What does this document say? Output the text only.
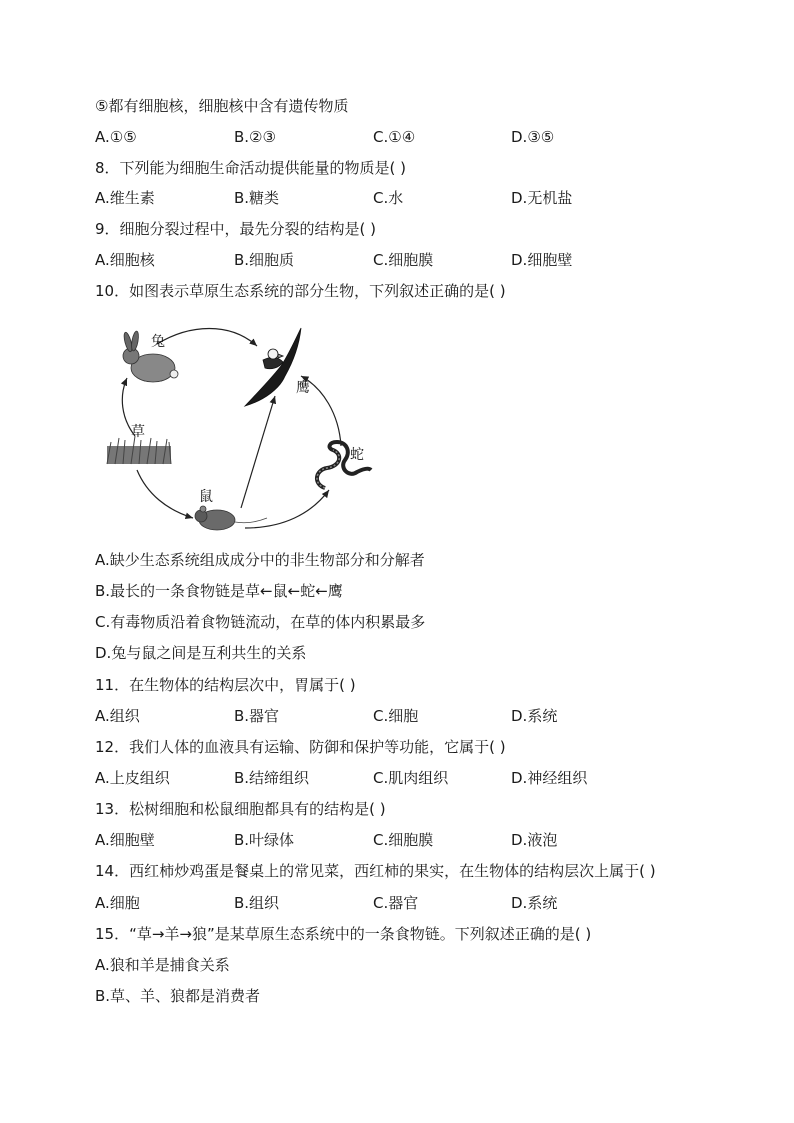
⑤都有细胞核，细胞核中含有遗传物质
A.①⑤	B.②③	C.①④	D.③⑤
8．下列能为细胞生命活动提供能量的物质是( )
A.维生素	B.糖类	C.水	D.无机盐
9．细胞分裂过程中，最先分裂的结构是( )
A.细胞核	B.细胞质	C.细胞膜	D.细胞壁
10．如图表示草原生态系统的部分生物，下列叙述正确的是( )
兔
鹰
草
蛇
鼠
A.缺少生态系统组成成分中的非生物部分和分解者
B.最长的一条食物链是草←鼠←蛇←鹰
C.有毒物质沿着食物链流动，在草的体内积累最多
D.兔与鼠之间是互利共生的关系
11．在生物体的结构层次中，胃属于( )
A.组织	B.器官	C.细胞	D.系统
12．我们人体的血液具有运输、防御和保护等功能，它属于( )
A.上皮组织	B.结缔组织	C.肌肉组织	D.神经组织
13．松树细胞和松鼠细胞都具有的结构是( )
A.细胞壁	B.叶绿体	C.细胞膜	D.液泡
14．西红柿炒鸡蛋是餐桌上的常见菜，西红柿的果实，在生物体的结构层次上属于( )
A.细胞	B.组织	C.器官	D.系统
15．“草→羊→狼”是某草原生态系统中的一条食物链。下列叙述正确的是( )
A.狼和羊是捕食关系
B.草、羊、狼都是消费者
